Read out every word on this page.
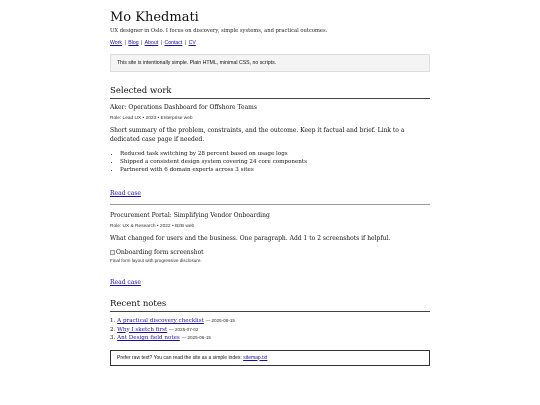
Mo Khedmati

UX designer in Oslo. I focus on discovery, simple systems, and practical outcomes.

Work | Blog | About | Contact | CV
This site is intentionally simple. Plain HTML, minimal CSS, no scripts.
Selected work
Aker: Operations Dashboard for Offshore Teams

Role: Lead UX • 2023 • Enterprise web

Short summary of the problem, constraints, and the outcome. Keep it factual and brief. Link to a dedicated case page if needed.

• Reduced task switching by 28 percent based on usage logs
• Shipped a consistent design system covering 24 core components
• Partnered with 6 domain experts across 3 sites
Read case
Procurement Portal: Simplifying Vendor Onboarding

Role: UX & Research • 2022 • B2B web

What changed for users and the business. One paragraph. Add 1 to 2 screenshots if helpful.

Onboarding form screenshot

Final form layout with progressive disclosure.

Read case
Recent notes
1. A practical discovery checklist — 2025-08-15
2. Why I sketch first — 2025-07-02
3. Ant Design field notes — 2025-06-15
Prefer raw text? You can read the site as a simple index: sitemap.txt
